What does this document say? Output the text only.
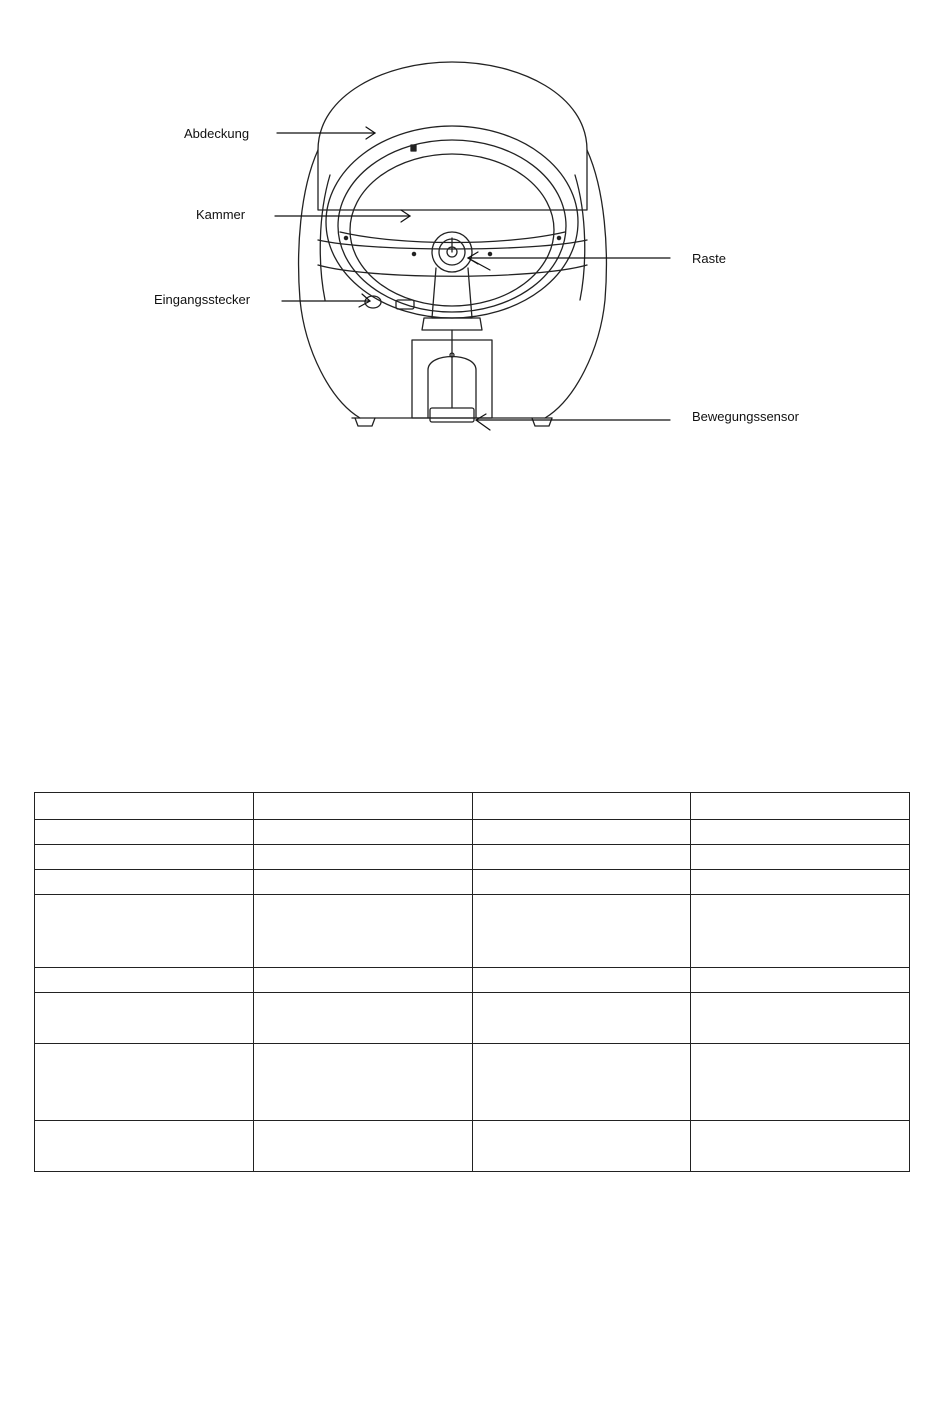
Abdeckung
Kammer
Eingangsstecker
Raste
Bewegungssensor
